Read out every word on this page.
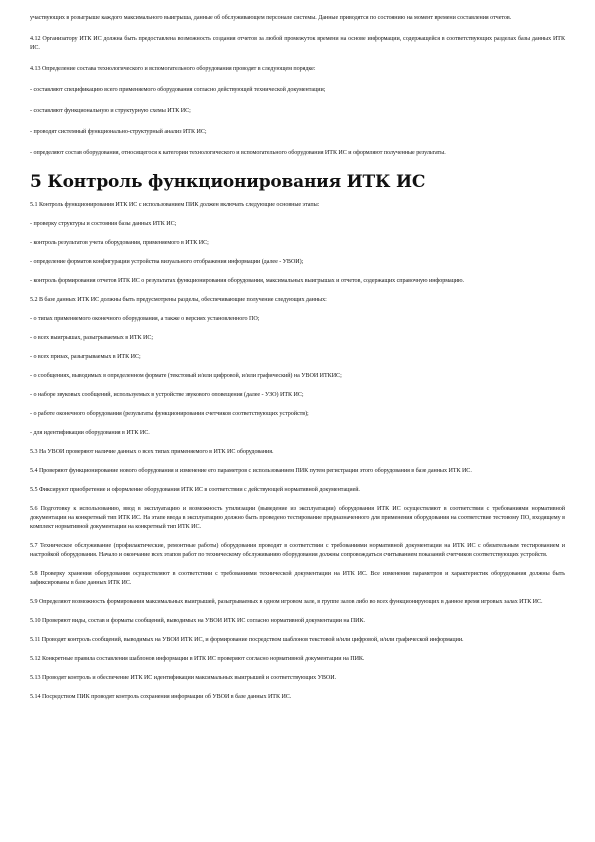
участвующих в розыгрыше каждого максимального выигрыша, данные об обслуживающем персонале системы. Данные приводятся по состоянию на момент времени составления отчетов.

4.12 Организатору ИТК ИС должна быть предоставлена возможность создания отчетов за любой промежуток времени на основе информации, содержащейся в соответствующих разделах базы данных ИТК ИС.

4.13 Определение состава технологического и вспомогательного оборудования проводят в следующем порядке:

- составляют спецификацию всего применяемого оборудования согласно действующей технической документации;

- составляют функциональную и структурную схемы ИТК ИС;

- проводят системный функционально-структурный анализ ИТК ИС;

- определяют состав оборудования, относящегося к категории технологического и вспомогательного оборудования ИТК ИС и оформляют полученные результаты.

5 Контроль функционирования ИТК ИС

5.1 Контроль функционирования ИТК ИС с использованием ПИК должен включать следующие основные этапы:

- проверку структуры и состояния базы данных ИТК ИС;

- контроль результатов учета оборудования, применяемого в ИТК ИС;

- определение форматов конфигурации устройства визуального отображения информации (далее - УВОИ);

- контроль формирования отчетов ИТК ИС о результатах функционирования оборудования, максимальных выигрышах и отчетов, содержащих справочную информацию.

5.2 В базе данных ИТК ИС должны быть предусмотрены разделы, обеспечивающие получение следующих данных:

- о типах применяемого оконечного оборудования, а также о версиях установленного ПО;

- о всех выигрышах, разыгрываемых в ИТК ИС;

- о всех призах, разыгрываемых в ИТК ИС;

- о сообщениях, выводимых в определенном формате (текстовый и/или цифровой, и/или графический) на УВОИ ИТКИС;

- о наборе звуковых сообщений, используемых в устройстве звукового оповещения (далее - УЗО) ИТК ИС;

- о работе оконечного оборудования (результаты функционирования счетчиков соответствующих устройств);

- для идентификации оборудования в ИТК ИС.

5.3 На УВОИ проверяют наличие данных о всех типах применяемого в ИТК ИС оборудования.

5.4 Проверяют функционирование нового оборудования и изменение его параметров с использованием ПИК путем регистрации этого оборудования в базе данных ИТК ИС.

5.5 Фиксируют приобретение и оформление оборудования ИТК ИС в соответствии с действующей нормативной документацией.

5.6 Подготовку к использованию, ввод в эксплуатацию и возможность утилизации (выведение из эксплуатации) оборудования ИТК ИС осуществляют в соответствии с требованиями нормативной документации на конкретный тип ИТК ИС. На этапе ввода в эксплуатацию должно быть проведено тестирование предназначенного для применения оборудования на соответствие тестовому ПО, входящему в комплект нормативной документации на конкретный тип ИТК ИС.

5.7 Техническое обслуживание (профилактические, ремонтные работы) оборудования проводят в соответствии с требованиями нормативной документации на ИТК ИС с обязательным тестированием и настройкой оборудования. Начало и окончание всех этапов работ по техническому обслуживанию оборудования должны сопровождаться считыванием показаний счетчиков соответствующих устройств.

5.8 Проверку хранения оборудования осуществляют в соответствии с требованиями технической документации на ИТК ИС. Все изменения параметров и характеристик оборудования должны быть зафиксированы в базе данных ИТК ИС.

5.9 Определяют возможность формирования максимальных выигрышей, разыгрываемых в одном игровом зале, в группе залов либо во всех функционирующих в данное время игровых залах ИТК ИС.

5.10 Проверяют виды, состав и форматы сообщений, выводимых на УВОИ ИТК ИС согласно нормативной документации на ПИК.

5.11 Проводят контроль сообщений, выводимых на УВОИ ИТК ИС, и формирование посредством шаблонов текстовой и/или цифровой, и/или графической информации.

5.12 Конкретные правила составления шаблонов информации в ИТК ИС проверяют согласно нормативной документации на ПИК.

5.13 Проводят контроль и обеспечение ИТК ИС идентификации максимальных выигрышей и соответствующих УВОИ.

5.14 Посредством ПИК проводят контроль сохранения информации об УВОИ в базе данных ИТК ИС.
